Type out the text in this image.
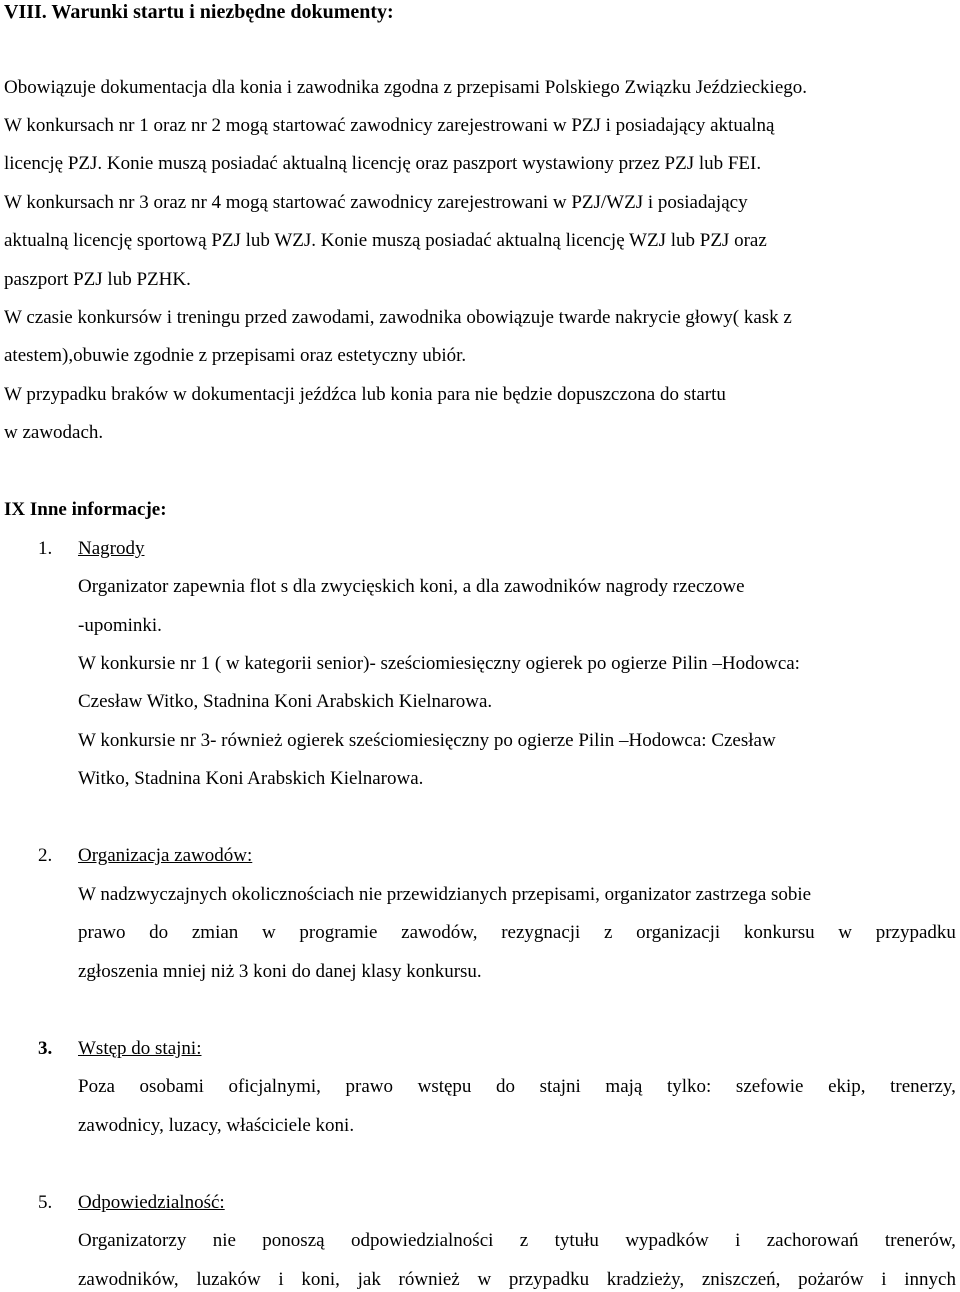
VIII. Warunki startu i niezbędne dokumenty:
Obowiązuje dokumentacja dla konia i zawodnika zgodna z przepisami Polskiego Związku Jeździeckiego.
W konkursach nr 1 oraz nr 2 mogą startować zawodnicy zarejestrowani w PZJ i posiadający aktualną
licencję PZJ. Konie muszą posiadać aktualną licencję oraz paszport wystawiony przez PZJ lub FEI.
W konkursach nr 3 oraz nr 4 mogą startować zawodnicy zarejestrowani w PZJ/WZJ i posiadający
aktualną licencję sportową PZJ lub WZJ. Konie muszą posiadać aktualną licencję WZJ lub PZJ oraz
paszport PZJ lub PZHK.
W czasie konkursów i treningu przed zawodami, zawodnika obowiązuje twarde nakrycie głowy( kask z
atestem),obuwie zgodnie z przepisami oraz estetyczny ubiór.
W przypadku braków w dokumentacji jeźdźca lub konia para nie będzie dopuszczona do startu
w zawodach.
IX Inne informacje:
1. Nagrody
Organizator zapewnia flot s dla zwycięskich koni, a dla zawodników nagrody rzeczowe
-upominki.
W konkursie nr 1 ( w kategorii senior)- sześciomiesięczny ogierek po ogierze Pilin –Hodowca:
Czesław Witko, Stadnina Koni Arabskich Kielnarowa.
W konkursie nr 3- również ogierek sześciomiesięczny po ogierze Pilin –Hodowca: Czesław
Witko, Stadnina Koni Arabskich Kielnarowa.
2. Organizacja zawodów:
W nadzwyczajnych okolicznościach nie przewidzianych przepisami, organizator zastrzega sobie
prawo do zmian w programie zawodów, rezygnacji z organizacji konkursu w przypadku
zgłoszenia mniej niż 3 koni do danej klasy konkursu.
3. Wstęp do stajni:
Poza osobami oficjalnymi, prawo wstępu do stajni mają tylko: szefowie ekip, trenerzy,
zawodnicy, luzacy, właściciele koni.
5. Odpowiedzialność:
Organizatorzy nie ponoszą odpowiedzialności z tytułu wypadków i zachorowań trenerów,
zawodników, luzaków i koni, jak również w przypadku kradzieży, zniszczeń, pożarów i innych
